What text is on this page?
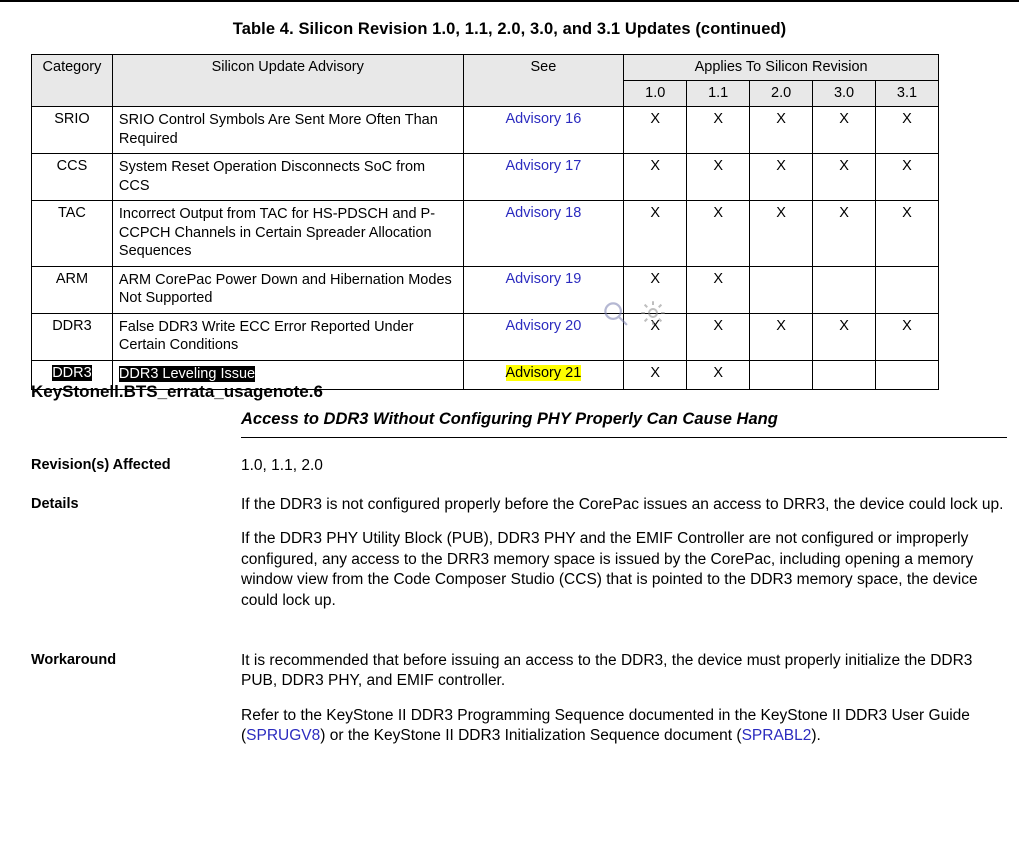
Table 4. Silicon Revision 1.0, 1.1, 2.0, 3.0, and 3.1 Updates (continued)
Category	Silicon Update Advisory	See	Applies To Silicon Revision				
			1.0	1.1	2.0	3.0	3.1
SRIO	SRIO Control Symbols Are Sent More Often Than Required	Advisory 16	X	X	X	X	X
CCS	System Reset Operation Disconnects SoC from CCS	Advisory 17	X	X	X	X	X
TAC	Incorrect Output from TAC for HS-PDSCH and P-CCPCH Channels in Certain Spreader Allocation Sequences	Advisory 18	X	X	X	X	X
ARM	ARM CorePac Power Down and Hibernation Modes Not Supported	Advisory 19	X	X			
DDR3	False DDR3 Write ECC Error Reported Under Certain Conditions	Advisory 20	X	X	X	X	X
DDR3	DDR3 Leveling Issue	Advisory 21	X	X			
KeyStonell.BTS_errata_usagenote.6
Access to DDR3 Without Configuring PHY Properly Can Cause Hang
Revision(s) Affected	1.0, 1.1, 2.0
Details	If the DDR3 is not configured properly before the CorePac issues an access to DRR3, the device could lock up.

If the DDR3 PHY Utility Block (PUB), DDR3 PHY and the EMIF Controller are not configured or improperly configured, any access to the DRR3 memory space is issued by the CorePac, including opening a memory window view from the Code Composer Studio (CCS) that is pointed to the DDR3 memory space, the device could lock up.

Workaround	It is recommended that before issuing an access to the DDR3, the device must properly initialize the DDR3 PUB, DDR3 PHY, and EMIF controller.

Refer to the KeyStone II DDR3 Programming Sequence documented in the KeyStone II DDR3 User Guide (SPRUGV8) or the KeyStone II DDR3 Initialization Sequence document (SPRABL2).
